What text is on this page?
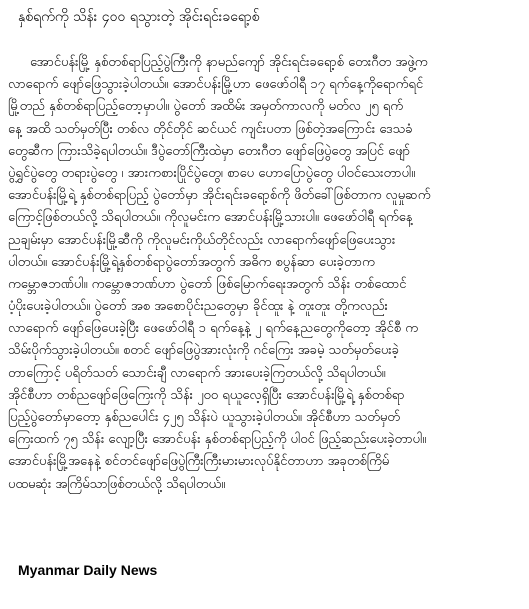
နှစ်ရက်ကို သိန်း ၄၀၀ ရသွားတဲ့ အိုင်းရင်းခရော့စ်
အောင်ပန်းမြို့ နှစ်တစ်ရာပြည့်ပွဲကြီးကို နာမည်ကျော် အိုင်းရင်းခရော့စ် တေးဂီတ အဖွဲ့က
လာရောက် ဖျော်ဖြေသွားခဲ့ပါတယ်။ အောင်ပန်းမြို့ဟာ ဖေဖော်ဝါရီ ၁၇ ရက်နေ့ကိုရောက်ရင်
မြို့တည် နှစ်တစ်ရာပြည့်တော့မှာပါ။ ပွဲတော် အထိမ်း အမှတ်ကာလကို မတ်လ ၂၅ ရက်
နေ့ အထိ သတ်မှတ်ပြီး တစ်လ တိုင်တိုင် ဆင်ယင် ကျင်းပတာ ဖြစ်တဲ့အကြောင်း ဒေသခံ
တွေဆီက ကြားသိခဲ့ရပါတယ်။ ဒီပွဲတော်ကြီးထဲမှာ တေးဂီတ ဖျော်ဖြေပွဲတွေ အပြင် ဖျော်
ပွဲရွှင်ပွဲတွေ တရားပွဲတွေ ၊ အားကစားပြိုင်ပွဲတွေ၊ စာပေ ဟောပြောပွဲတွေ ပါဝင်သေးတာပါ။
အောင်ပန်းမြို့ရဲ့ နှစ်တစ်ရာပြည့် ပွဲတော်မှာ အိုင်းရင်းခရော့စ်ကို ဖိတ်ခေါ်ဖြစ်တာက လူမှုဆက်
ကြောင့်ဖြစ်တယ်လို့ သိရပါတယ်။ ကိုလူမင်းက အောင်ပန်းမြို့သားပါ။ ဖေဖော်ဝါရီ ရက်နေ့
ညချမ်းမှာ အောင်ပန်းမြို့ဆီကို ကိုလူမင်းကိုယ်တိုင်လည်း လာရောက်ဖျော်ဖြေပေးသွား
ပါတယ်။ အောင်ပန်းမြို့ရဲ့နှစ်တစ်ရာပွဲတော်အတွက် အဓိက စပွန်ဆာ ပေးခဲ့တာက
ကမ္ဘောဇဘဏ်ပါ။ ကမ္ဘောဇဘဏ်ဟာ ပွဲတော် ဖြစ်မြောက်ရေးအတွက် သိန်း တစ်ထောင်
ပံ့ပိုးပေးခဲ့ပါတယ်။ ပွဲတော် အစ အစောပိုင်းညတွေမှာ ခိုင်ထူး နဲ့ တူးတူး တို့ကလည်း
လာရောက် ဖျော်ဖြေပေးခဲ့ပြီး ဖေဖော်ဝါရီ ၁ ရက်နေ့နဲ့ ၂ ရက်နေ့ညတွေကိုတော့ အိုင်စီ က
သိမ်းပိုက်သွားခဲ့ပါတယ်။ စတင် ဖျော်ဖြေပွဲအားလုံးကို ဂင်ကြေး အခမဲ့ သတ်မှတ်ပေးခဲ့
တာကြောင့် ပရိတ်သတ် သောင်းချီ လာရောက် အားပေးခဲ့ကြတယ်လို့ သိရပါတယ်။
အိုင်စီဟာ တစ်ညဖျော်ဖြေကြေးကို သိန်း ၂၀၀ ရယူလေ့ရှိပြီး အောင်ပန်းမြို့ရဲ့ နှစ်တစ်ရာ
ပြည့်ပွဲတော်မှာတော့ နှစ်ညပေါင်း ၄၂၅ သိန်းပဲ ယူသွားခဲ့ပါတယ်။ အိုင်စီဟာ သတ်မှတ်
ကြေးထက် ၇၅ သိန်း လျော့ပြီး အောင်ပန်း နှစ်တစ်ရာပြည့်ကို ပါဝင် ဖြည့်ဆည်းပေးခဲ့တာပါ။
အောင်ပန်းမြို့အနေနဲ့ စင်တင်ဖျော်ဖြေပွဲကြီးကြီးမားမားလုပ်နိုင်တာဟာ အခုတစ်ကြိမ်
ပထမဆုံး အကြိမ်သာဖြစ်တယ်လို့ သိရပါတယ်။
Myanmar Daily News
